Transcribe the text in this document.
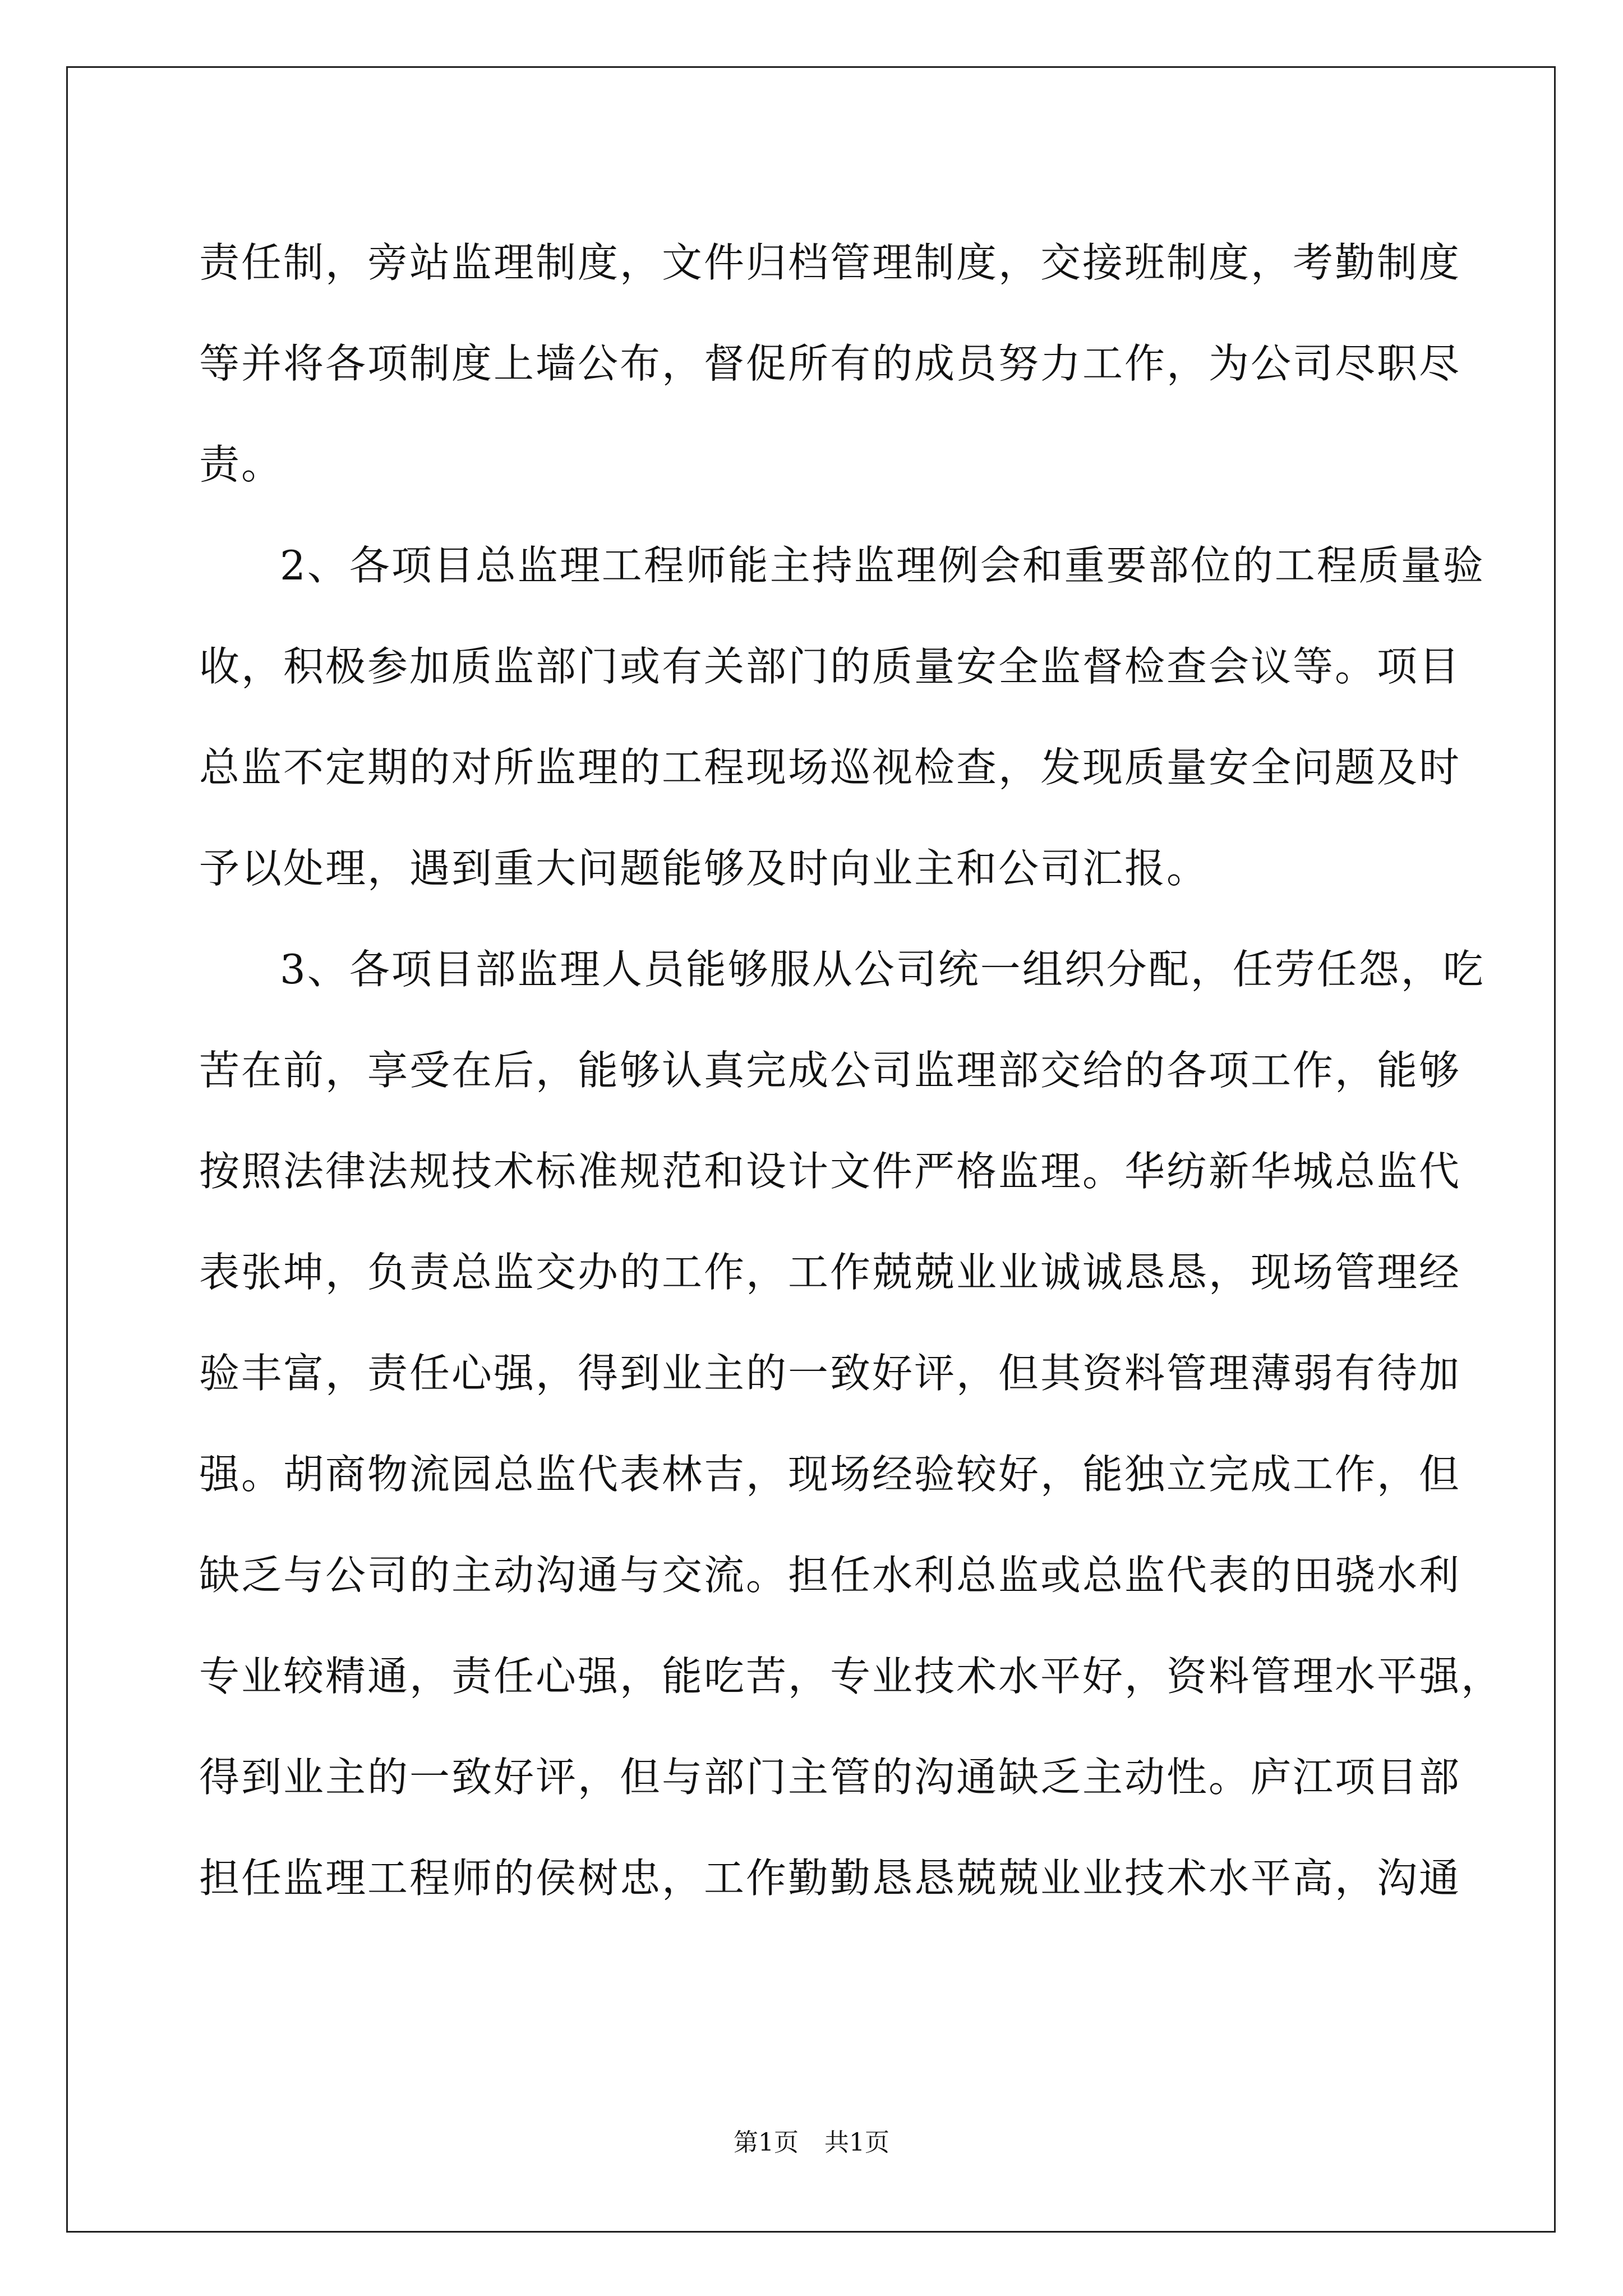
责任制，旁站监理制度，文件归档管理制度，交接班制度，考勤制度
等并将各项制度上墙公布，督促所有的成员努力工作，为公司尽职尽
责。
2、各项目总监理工程师能主持监理例会和重要部位的工程质量验
收，积极参加质监部门或有关部门的质量安全监督检查会议等。项目
总监不定期的对所监理的工程现场巡视检查，发现质量安全问题及时
予以处理，遇到重大问题能够及时向业主和公司汇报。
3、各项目部监理人员能够服从公司统一组织分配，任劳任怨，吃
苦在前，享受在后，能够认真完成公司监理部交给的各项工作，能够
按照法律法规技术标准规范和设计文件严格监理。华纺新华城总监代
表张坤，负责总监交办的工作，工作兢兢业业诚诚恳恳，现场管理经
验丰富，责任心强，得到业主的一致好评，但其资料管理薄弱有待加
强。胡商物流园总监代表林吉，现场经验较好，能独立完成工作，但
缺乏与公司的主动沟通与交流。担任水利总监或总监代表的田骁水利
专业较精通，责任心强，能吃苦，专业技术水平好，资料管理水平强，
得到业主的一致好评，但与部门主管的沟通缺乏主动性。庐江项目部
担任监理工程师的侯树忠，工作勤勤恳恳兢兢业业技术水平高，沟通
第1页 共1页
